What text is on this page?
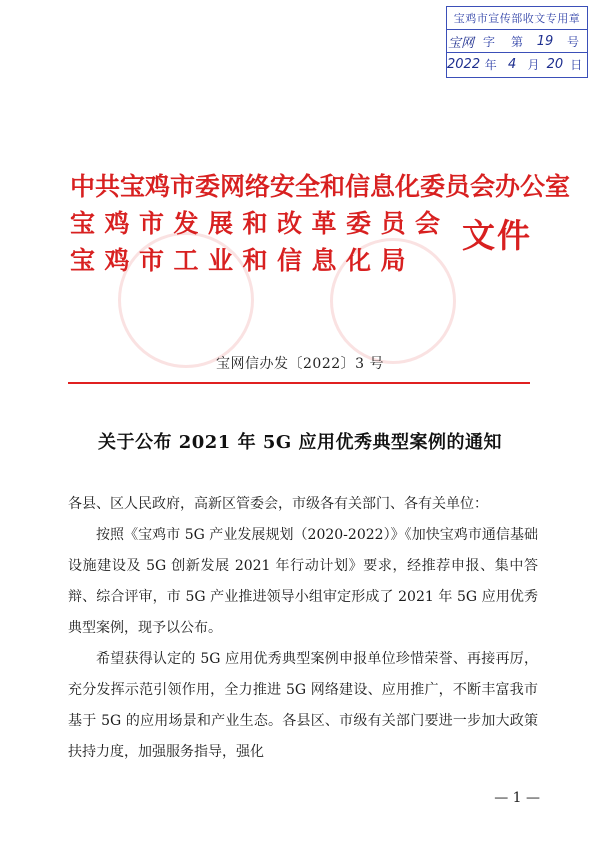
宝鸡市宣传部收文专用章
宝网 字	第	19	号
2022 年 4 月 20 日
中共宝鸡市委网络安全和信息化委员会办公室
宝鸡市发展和改革委员会
宝鸡市工业和信息化局
文件
宝网信办发〔2022〕3 号
关于公布 2021 年 5G 应用优秀典型案例的通知

各县、区人民政府，高新区管委会，市级各有关部门、各有关单位：

按照《宝鸡市 5G 产业发展规划（2020-2022）》《加快宝鸡市通信基础设施建设及 5G 创新发展 2021 年行动计划》要求，经推荐申报、集中答辩、综合评审，市 5G 产业推进领导小组审定形成了 2021 年 5G 应用优秀典型案例，现予以公布。

希望获得认定的 5G 应用优秀典型案例申报单位珍惜荣誉、再接再厉，充分发挥示范引领作用，全力推进 5G 网络建设、应用推广，不断丰富我市基于 5G 的应用场景和产业生态。各县区、市级有关部门要进一步加大政策扶持力度，加强服务指导，强化

— 1 —
